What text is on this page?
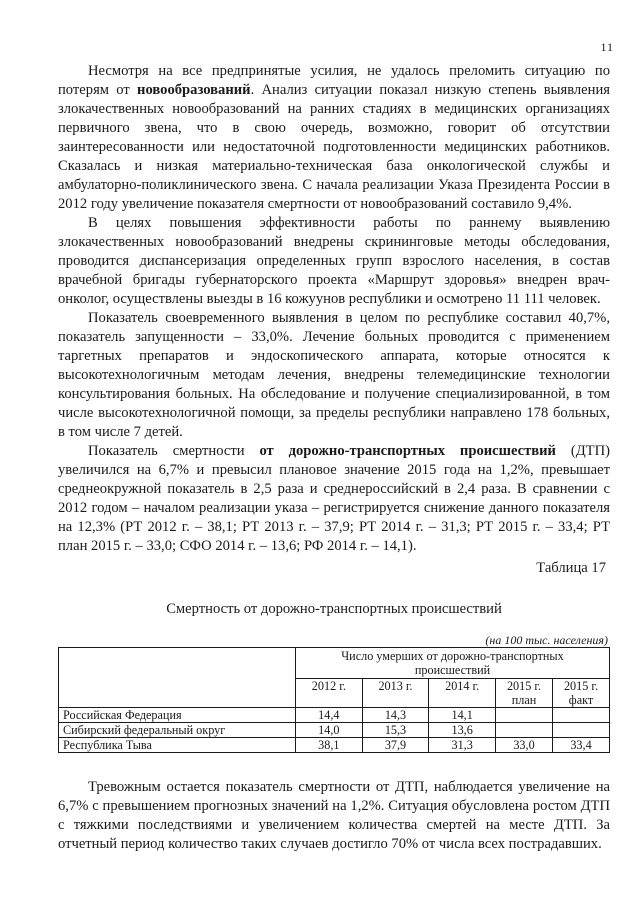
11

Несмотря на все предпринятые усилия, не удалось преломить ситуацию по потерям от новообразований. Анализ ситуации показал низкую степень выявления злокачественных новообразований на ранних стадиях в медицинских организациях первичного звена, что в свою очередь, возможно, говорит об отсутствии заинтересованности или недостаточной подготовленности медицинских работников. Сказалась и низкая материально-техническая база онкологической службы и амбулаторно-поликлинического звена. С начала реализации Указа Президента России в 2012 году увеличение показателя смертности от новообразований составило 9,4%.

В целях повышения эффективности работы по раннему выявлению злокачественных новообразований внедрены скрининговые методы обследования, проводится диспансеризация определенных групп взрослого населения, в состав врачебной бригады губернаторского проекта «Маршрут здоровья» внедрен врач-онколог, осуществлены выезды в 16 кожуунов республики и осмотрено 11 111 человек.

Показатель своевременного выявления в целом по республике составил 40,7%, показатель запущенности – 33,0%. Лечение больных проводится с применением таргетных препаратов и эндоскопического аппарата, которые относятся к высокотехнологичным методам лечения, внедрены телемедицинские технологии консультирования больных. На обследование и получение специализированной, в том числе высокотехнологичной помощи, за пределы республики направлено 178 больных, в том числе 7 детей.

Показатель смертности от дорожно-транспортных происшествий (ДТП) увеличился на 6,7% и превысил плановое значение 2015 года на 1,2%, превышает среднеокружной показатель в 2,5 раза и среднероссийский в 2,4 раза. В сравнении с 2012 годом – началом реализации указа – регистрируется снижение данного показателя на 12,3% (РТ 2012 г. – 38,1; РТ 2013 г. – 37,9; РТ 2014 г. – 31,3; РТ 2015 г. – 33,4; РТ план 2015 г. – 33,0; СФО 2014 г. – 13,6; РФ 2014 г. – 14,1).

Таблица 17
Смертность от дорожно-транспортных происшествий
(на 100 тыс. населения)
	Число умерших от дорожно-транспортных происшествий				
	2012 г.	2013 г.	2014 г.	2015 г. план	2015 г. факт
Российская Федерация	14,4	14,3	14,1		
Сибирский федеральный округ	14,0	15,3	13,6		
Республика Тыва	38,1	37,9	31,3	33,0	33,4

Тревожным остается показатель смертности от ДТП, наблюдается увеличение на 6,7% с превышением прогнозных значений на 1,2%. Ситуация обусловлена ростом ДТП с тяжкими последствиями и увеличением количества смертей на месте ДТП. За отчетный период количество таких случаев достигло 70% от числа всех пострадавших.
